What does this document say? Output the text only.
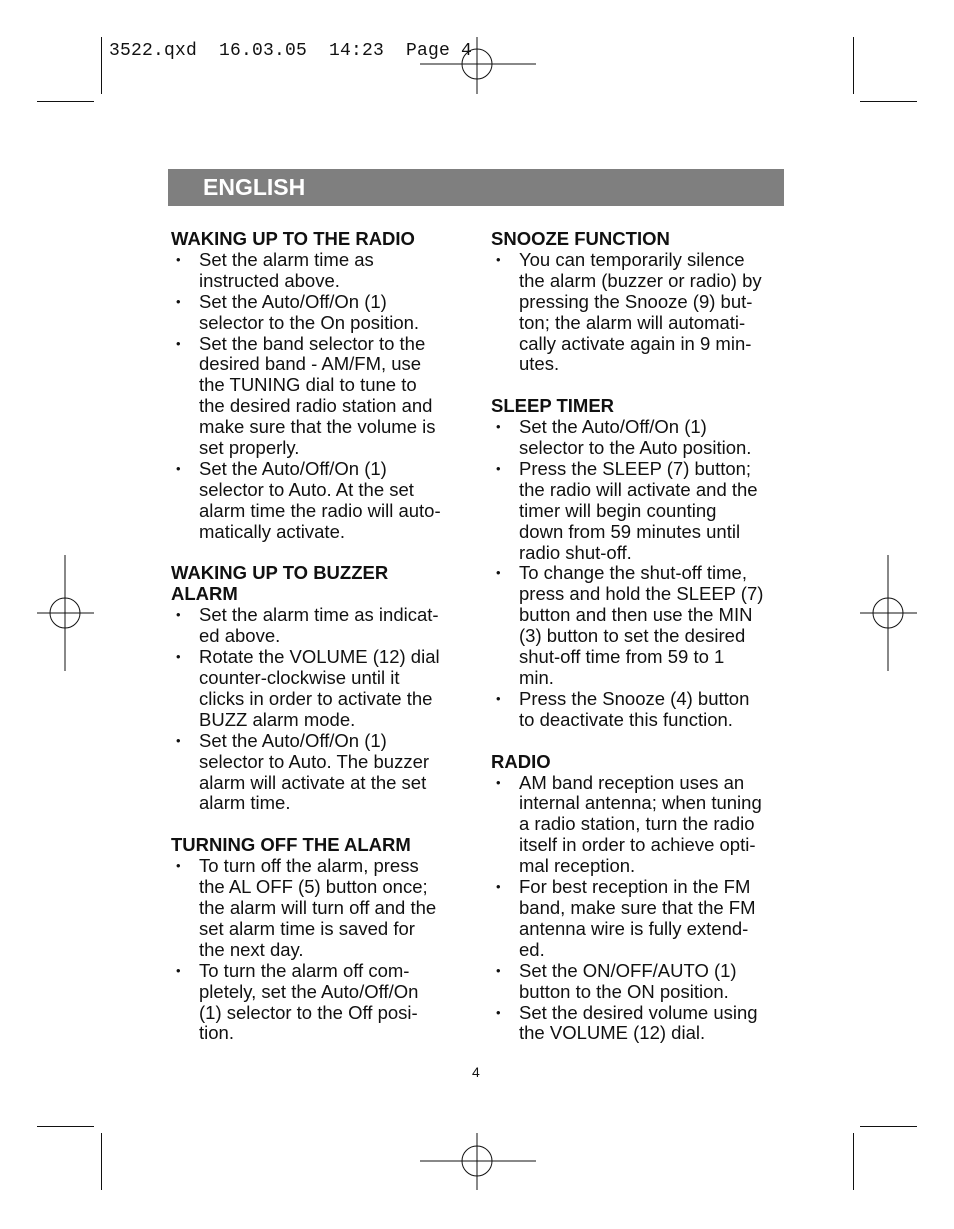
3522.qxd  16.03.05  14:23  Page 4
ENGLISH
WAKING UP TO THE RADIO
• Set the alarm time as
instructed above.
• Set the Auto/Off/On (1)
selector to the On position.
• Set the band selector to the
desired band - AM/FM, use
the TUNING dial to tune to
the desired radio station and
make sure that the volume is
set properly.
• Set the Auto/Off/On (1)
selector to Auto. At the set
alarm time the radio will auto-
matically activate.
WAKING UP TO BUZZER
ALARM
• Set the alarm time as indicat-
ed above.
• Rotate the VOLUME (12) dial
counter-clockwise until it
clicks in order to activate the
BUZZ alarm mode.
• Set the Auto/Off/On (1)
selector to Auto. The buzzer
alarm will activate at the set
alarm time.
TURNING OFF THE ALARM
• To turn off the alarm, press
the AL OFF (5) button once;
the alarm will turn off and the
set alarm time is saved for
the next day.
• To turn the alarm off com-
pletely, set the Auto/Off/On
(1) selector to the Off posi-
tion.
SNOOZE FUNCTION
• You can temporarily silence
the alarm (buzzer or radio) by
pressing the Snooze (9) but-
ton; the alarm will automati-
cally activate again in 9 min-
utes.
SLEEP TIMER
• Set the Auto/Off/On (1)
selector to the Auto position.
• Press the SLEEP (7) button;
the radio will activate and the
timer will begin counting
down from 59 minutes until
radio shut-off.
• To change the shut-off time,
press and hold the SLEEP (7)
button and then use the MIN
(3) button to set the desired
shut-off time from 59 to 1
min.
• Press the Snooze (4) button
to deactivate this function.
RADIO
• AM band reception uses an
internal antenna; when tuning
a radio station, turn the radio
itself in order to achieve opti-
mal reception.
• For best reception in the FM
band, make sure that the FM
antenna wire is fully extend-
ed.
• Set the ON/OFF/AUTO (1)
button to the ON position.
• Set the desired volume using
the VOLUME (12) dial.
4
